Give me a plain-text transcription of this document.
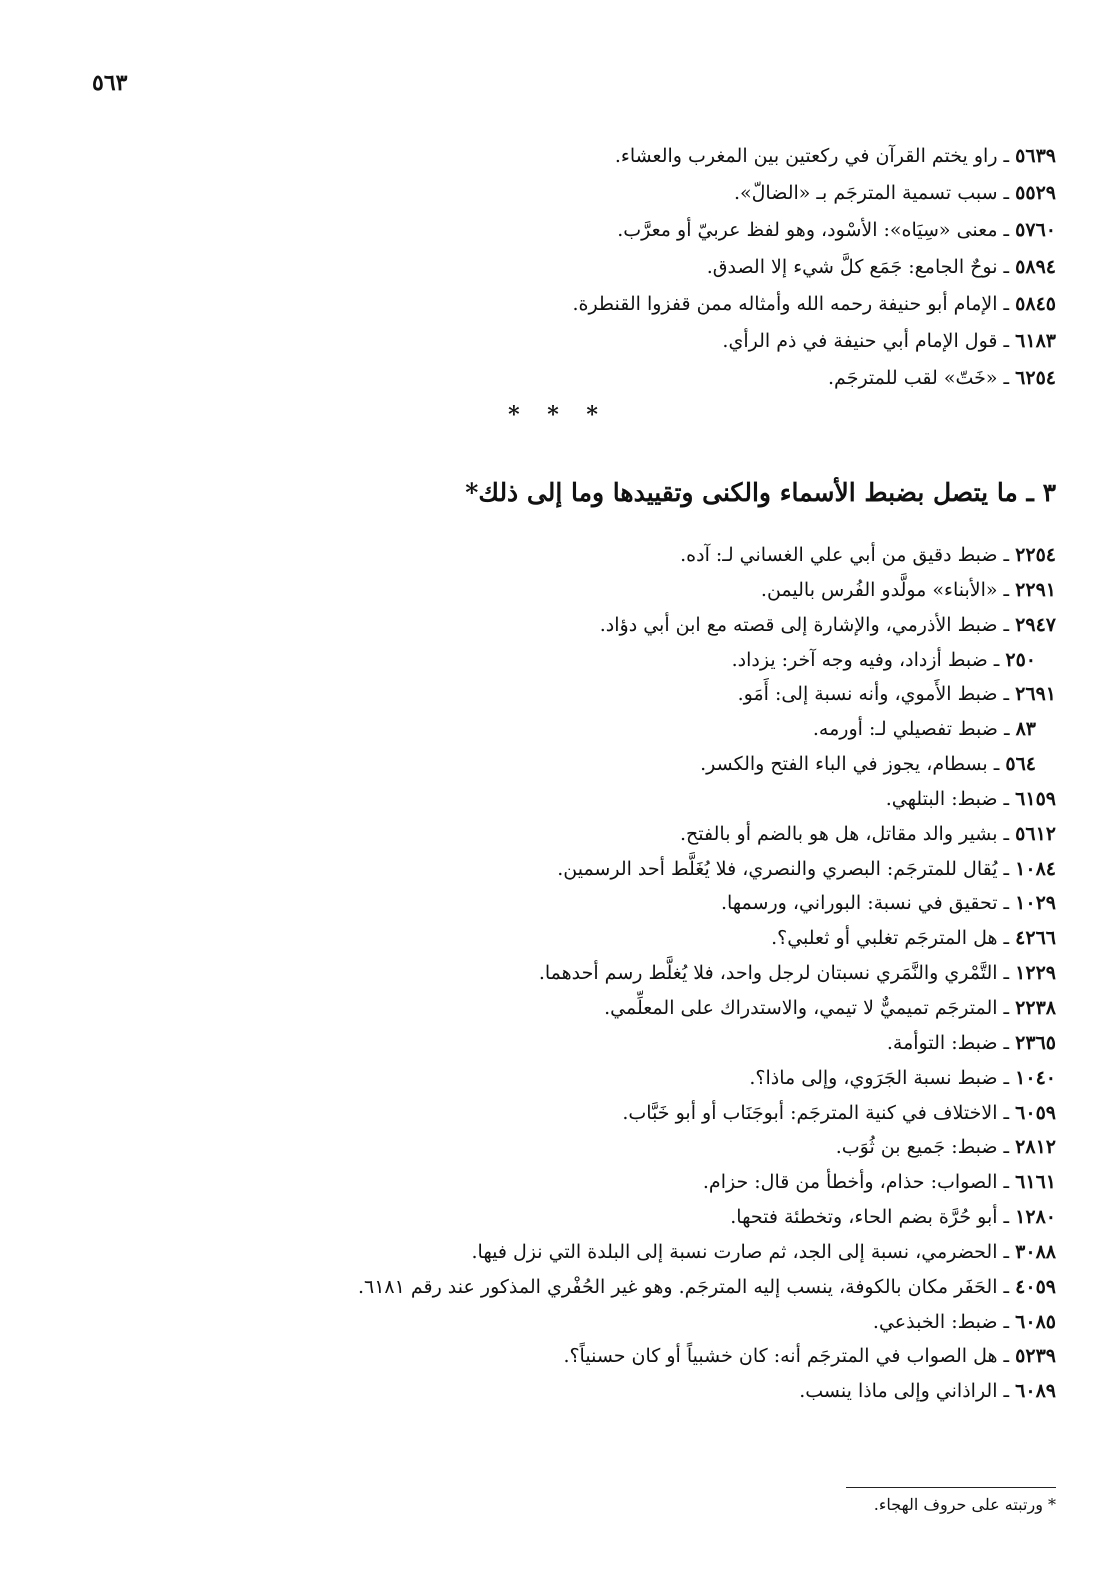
٥٦٣
٥٦٣٩ ـ راو يختم القرآن في ركعتين بين المغرب والعشاء.
٥٥٢٩ ـ سبب تسمية المترجَم بـ «الضالّ».
٥٧٦٠ ـ معنى «سِيَاه»: الأسْود، وهو لفظ عربيّ أو معرَّب.
٥٨٩٤ ـ نوحٌ الجامع: جَمَع كلَّ شيء إلا الصدق.
٥٨٤٥ ـ الإمام أبو حنيفة رحمه الله وأمثاله ممن قفزوا القنطرة.
٦١٨٣ ـ قول الإمام أبي حنيفة في ذم الرأي.
٦٢٥٤ ـ «خَتّ» لقب للمترجَم.
* * *
٣ ـ ما يتصل بضبط الأسماء والكنى وتقييدها وما إلى ذلك*
٢٢٥٤ ـ ضبط دقيق من أبي علي الغساني لـ: آده.
٢٢٩١ ـ «الأبناء» مولَّدو الفُرس باليمن.
٢٩٤٧ ـ ضبط الأذرمي، والإشارة إلى قصته مع ابن أبي دؤاد.
٢٥٠ ـ ضبط أزداد، وفيه وجه آخر: يزداد.
٢٦٩١ ـ ضبط الأَموي، وأنه نسبة إلى: أَمَو.
٨٣ ـ ضبط تفصيلي لـ: أورمه.
٥٦٤ ـ بسطام، يجوز في الباء الفتح والكسر.
٦١٥٩ ـ ضبط: البتلهي.
٥٦١٢ ـ بشير والد مقاتل، هل هو بالضم أو بالفتح.
١٠٨٤ ـ يُقال للمترجَم: البصري والنصري، فلا يُغَلَّط أحد الرسمين.
١٠٢٩ ـ تحقيق في نسبة: البوراني، ورسمها.
٤٢٦٦ ـ هل المترجَم تغلبي أو ثعلبي؟.
١٢٢٩ ـ التَّمْري والنَّمَري نسبتان لرجل واحد، فلا يُغلَّط رسم أحدهما.
٢٢٣٨ ـ المترجَم تميميٌّ لا تيمي، والاستدراك على المعلِّمي.
٢٣٦٥ ـ ضبط: التوأمة.
١٠٤٠ ـ ضبط نسبة الجَرَوي، وإلى ماذا؟.
٦٠٥٩ ـ الاختلاف في كنية المترجَم: أبوجَنَاب أو أبو خَبَّاب.
٢٨١٢ ـ ضبط: جَميع بن ثُوَب.
٦١٦١ ـ الصواب: حذام، وأخطأ من قال: حزام.
١٢٨٠ ـ أبو حُرَّة بضم الحاء، وتخطئة فتحها.
٣٠٨٨ ـ الحضرمي، نسبة إلى الجد، ثم صارت نسبة إلى البلدة التي نزل فيها.
٤٠٥٩ ـ الحَفَر مكان بالكوفة، ينسب إليه المترجَم. وهو غير الحُفْري المذكور عند رقم ٦١٨١.
٦٠٨٥ ـ ضبط: الخبذعي.
٥٢٣٩ ـ هل الصواب في المترجَم أنه: كان خشبياً أو كان حسنياً؟.
٦٠٨٩ ـ الراذاني وإلى ماذا ينسب.
* ورتبته على حروف الهجاء.
